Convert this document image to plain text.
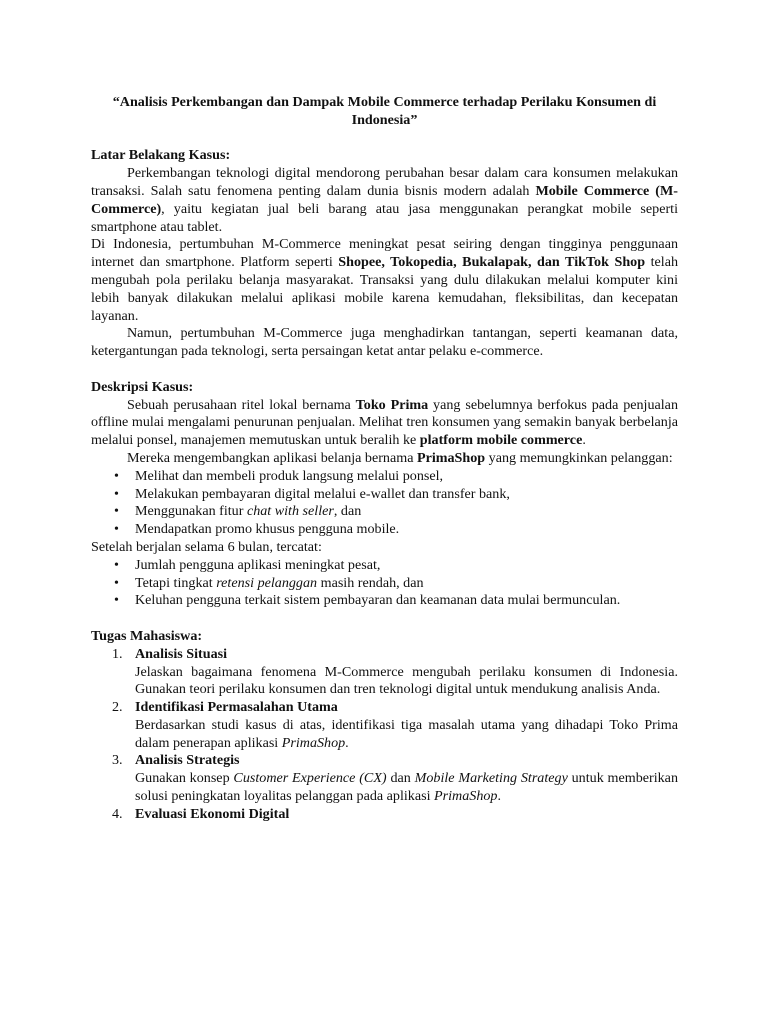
“Analisis Perkembangan dan Dampak Mobile Commerce terhadap Perilaku Konsumen di Indonesia”

Latar Belakang Kasus:

Perkembangan teknologi digital mendorong perubahan besar dalam cara konsumen melakukan transaksi. Salah satu fenomena penting dalam dunia bisnis modern adalah Mobile Commerce (M-Commerce), yaitu kegiatan jual beli barang atau jasa menggunakan perangkat mobile seperti smartphone atau tablet.

Di Indonesia, pertumbuhan M-Commerce meningkat pesat seiring dengan tingginya penggunaan internet dan smartphone. Platform seperti Shopee, Tokopedia, Bukalapak, dan TikTok Shop telah mengubah pola perilaku belanja masyarakat. Transaksi yang dulu dilakukan melalui komputer kini lebih banyak dilakukan melalui aplikasi mobile karena kemudahan, fleksibilitas, dan kecepatan layanan.

Namun, pertumbuhan M-Commerce juga menghadirkan tantangan, seperti keamanan data, ketergantungan pada teknologi, serta persaingan ketat antar pelaku e-commerce.

Deskripsi Kasus:

Sebuah perusahaan ritel lokal bernama Toko Prima yang sebelumnya berfokus pada penjualan offline mulai mengalami penurunan penjualan. Melihat tren konsumen yang semakin banyak berbelanja melalui ponsel, manajemen memutuskan untuk beralih ke platform mobile commerce.

Mereka mengembangkan aplikasi belanja bernama PrimaShop yang memungkinkan pelanggan:

• Melihat dan membeli produk langsung melalui ponsel,
• Melakukan pembayaran digital melalui e-wallet dan transfer bank,
• Menggunakan fitur chat with seller, dan
• Mendapatkan promo khusus pengguna mobile.

Setelah berjalan selama 6 bulan, tercatat:

• Jumlah pengguna aplikasi meningkat pesat,
• Tetapi tingkat retensi pelanggan masih rendah, dan
• Keluhan pengguna terkait sistem pembayaran dan keamanan data mulai bermunculan.

Tugas Mahasiswa:

1. Analisis Situasi
Jelaskan bagaimana fenomena M-Commerce mengubah perilaku konsumen di Indonesia. Gunakan teori perilaku konsumen dan tren teknologi digital untuk mendukung analisis Anda.
2. Identifikasi Permasalahan Utama
Berdasarkan studi kasus di atas, identifikasi tiga masalah utama yang dihadapi Toko Prima dalam penerapan aplikasi PrimaShop.
3. Analisis Strategis
Gunakan konsep Customer Experience (CX) dan Mobile Marketing Strategy untuk memberikan solusi peningkatan loyalitas pelanggan pada aplikasi PrimaShop.
4. Evaluasi Ekonomi Digital
